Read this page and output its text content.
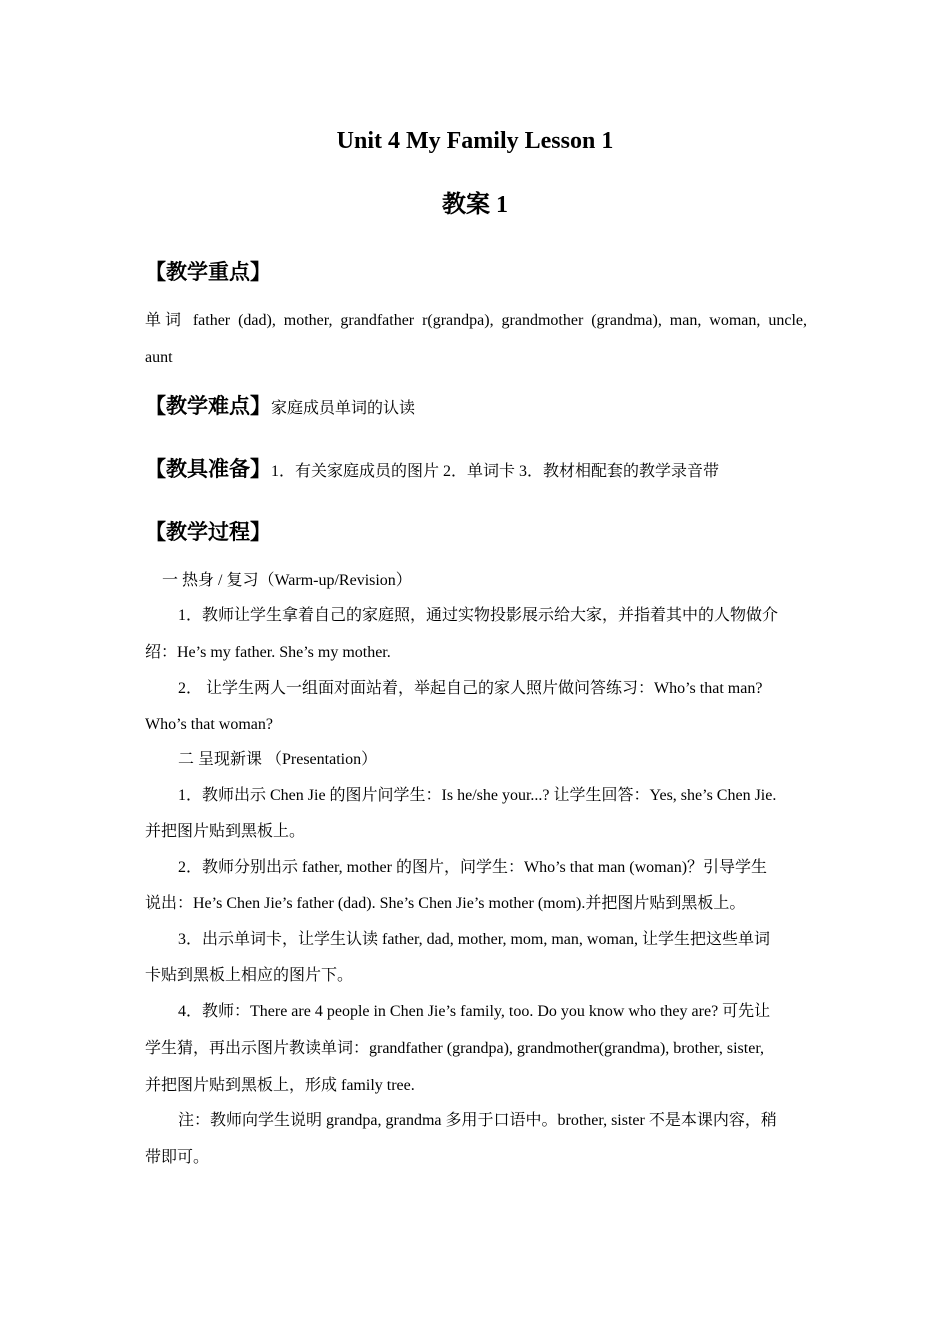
Unit 4 My Family Lesson 1
教案 1
【教学重点】
单词 father (dad), mother, grandfather r(grandpa), grandmother (grandma), man, woman, uncle,
aunt
【教学难点】家庭成员单词的认读
【教具准备】1．有关家庭成员的图片 2．单词卡 3．教材相配套的教学录音带
【教学过程】
一 热身 / 复习（Warm-up/Revision）
1．教师让学生拿着自己的家庭照，通过实物投影展示给大家，并指着其中的人物做介
绍：He’s my father. She’s my mother.
2． 让学生两人一组面对面站着，举起自己的家人照片做问答练习：Who’s that man?
Who’s that woman?
二 呈现新课 （Presentation）
1．教师出示 Chen Jie 的图片问学生：Is he/she your...? 让学生回答：Yes, she’s Chen Jie.
并把图片贴到黑板上。
2．教师分别出示 father, mother 的图片，问学生：Who’s that man (woman)？引导学生
说出：He’s Chen Jie’s father (dad). She’s Chen Jie’s mother (mom).并把图片贴到黑板上。
3．出示单词卡，让学生认读 father, dad, mother, mom, man, woman, 让学生把这些单词
卡贴到黑板上相应的图片下。
4．教师：There are 4 people in Chen Jie’s family, too. Do you know who they are? 可先让
学生猜，再出示图片教读单词：grandfather (grandpa), grandmother(grandma), brother, sister,
并把图片贴到黑板上，形成 family tree.
注：教师向学生说明 grandpa, grandma 多用于口语中。brother, sister 不是本课内容，稍
带即可。
